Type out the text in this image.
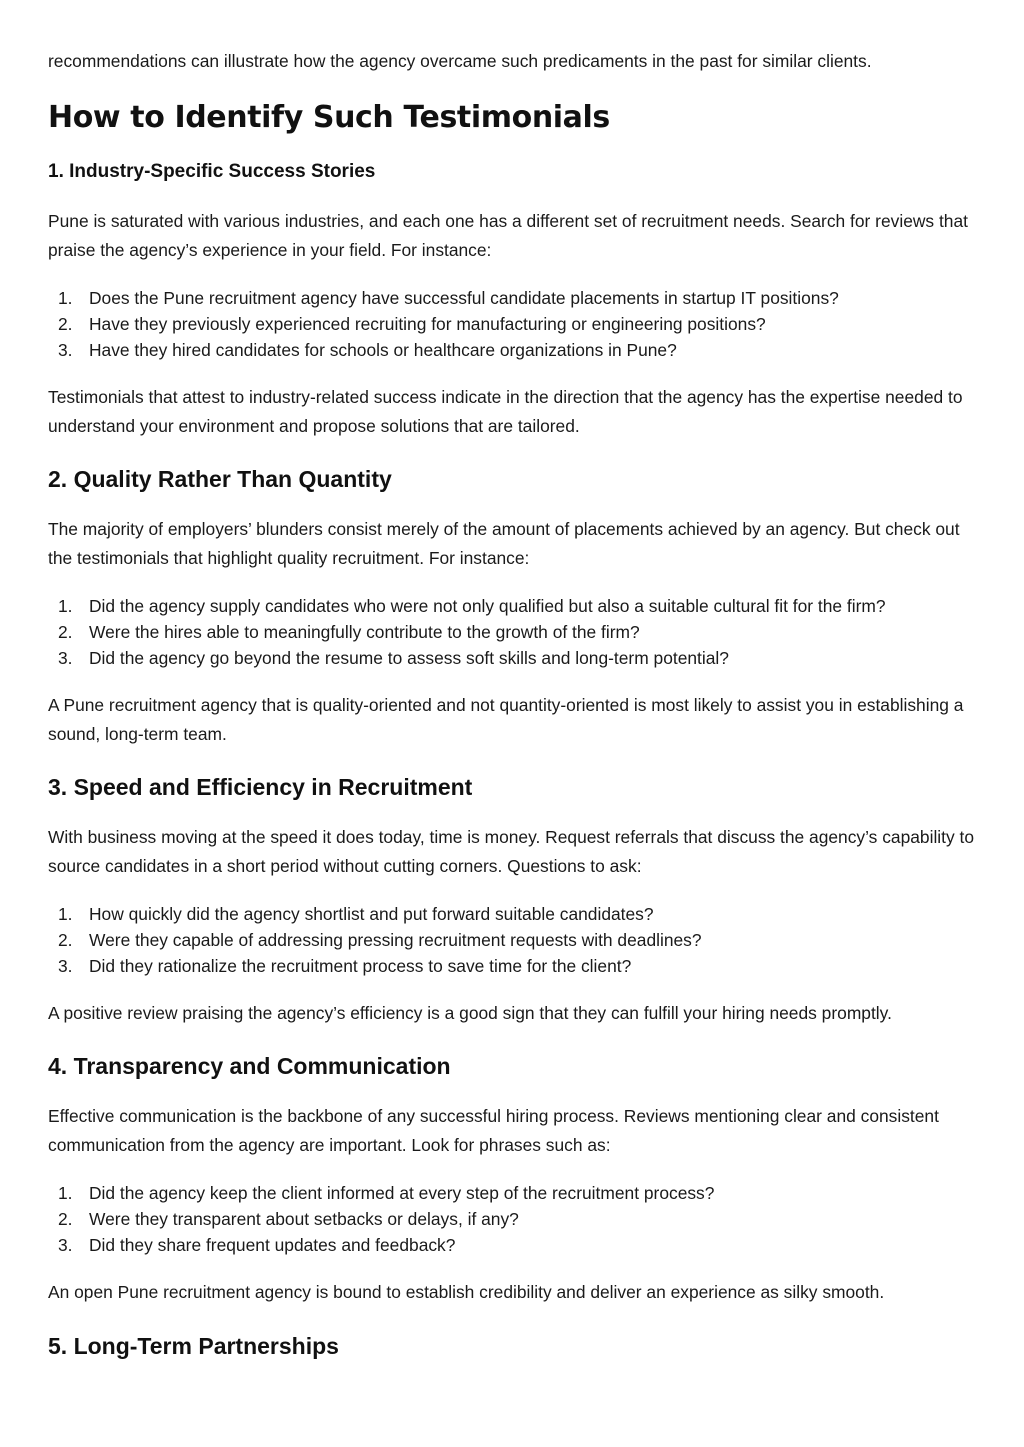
recommendations can illustrate how the agency overcame such predicaments in the past for similar clients.

How to Identify Such Testimonials
1. Industry-Specific Success Stories

Pune is saturated with various industries, and each one has a different set of recruitment needs. Search for reviews that praise the agency’s experience in your field. For instance:

1. Does the Pune recruitment agency have successful candidate placements in startup IT positions?
2. Have they previously experienced recruiting for manufacturing or engineering positions?
3. Have they hired candidates for schools or healthcare organizations in Pune?

Testimonials that attest to industry-related success indicate in the direction that the agency has the expertise needed to understand your environment and propose solutions that are tailored.

2. Quality Rather Than Quantity

The majority of employers’ blunders consist merely of the amount of placements achieved by an agency. But check out the testimonials that highlight quality recruitment. For instance:

1. Did the agency supply candidates who were not only qualified but also a suitable cultural fit for the firm?
2. Were the hires able to meaningfully contribute to the growth of the firm?
3. Did the agency go beyond the resume to assess soft skills and long-term potential?

A Pune recruitment agency that is quality-oriented and not quantity-oriented is most likely to assist you in establishing a sound, long-term team.

3. Speed and Efficiency in Recruitment

With business moving at the speed it does today, time is money. Request referrals that discuss the agency’s capability to source candidates in a short period without cutting corners. Questions to ask:

1. How quickly did the agency shortlist and put forward suitable candidates?
2. Were they capable of addressing pressing recruitment requests with deadlines?
3. Did they rationalize the recruitment process to save time for the client?

A positive review praising the agency’s efficiency is a good sign that they can fulfill your hiring needs promptly.

4. Transparency and Communication

Effective communication is the backbone of any successful hiring process. Reviews mentioning clear and consistent communication from the agency are important. Look for phrases such as:

1. Did the agency keep the client informed at every step of the recruitment process?
2. Were they transparent about setbacks or delays, if any?
3. Did they share frequent updates and feedback?

An open Pune recruitment agency is bound to establish credibility and deliver an experience as silky smooth.

5. Long-Term Partnerships
